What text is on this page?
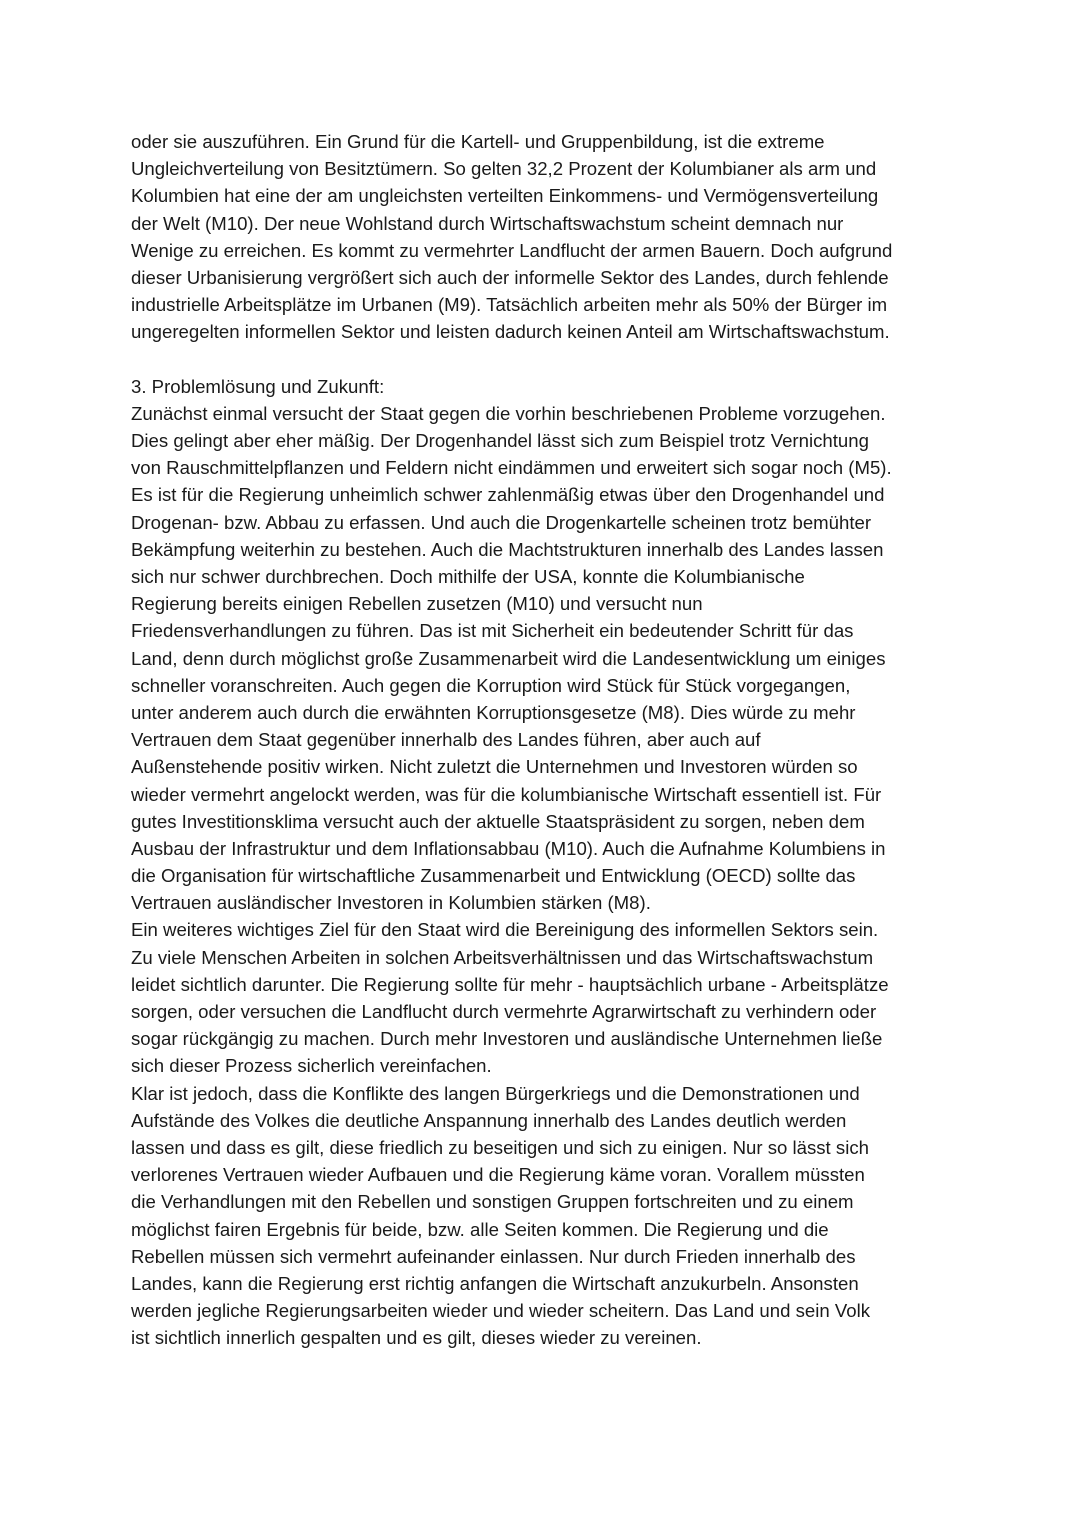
oder sie auszuführen. Ein Grund für die Kartell- und Gruppenbildung, ist die extreme
Ungleichverteilung von Besitztümern. So gelten 32,2 Prozent der Kolumbianer als arm und
Kolumbien hat eine der am ungleichsten verteilten Einkommens- und Vermögensverteilung
der Welt (M10). Der neue Wohlstand durch Wirtschaftswachstum scheint demnach nur
Wenige zu erreichen. Es kommt zu vermehrter Landflucht der armen Bauern. Doch aufgrund
dieser Urbanisierung vergrößert sich auch der informelle Sektor des Landes, durch fehlende
industrielle Arbeitsplätze im Urbanen (M9). Tatsächlich arbeiten mehr als 50% der Bürger im
ungeregelten informellen Sektor und leisten dadurch keinen Anteil am Wirtschaftswachstum.
3. Problemlösung und Zukunft:
Zunächst einmal versucht der Staat gegen die vorhin beschriebenen Probleme vorzugehen.
Dies gelingt aber eher mäßig. Der Drogenhandel lässt sich zum Beispiel trotz Vernichtung
von Rauschmittelpflanzen und Feldern nicht eindämmen und erweitert sich sogar noch (M5).
Es ist für die Regierung unheimlich schwer zahlenmäßig etwas über den Drogenhandel und
Drogenan- bzw. Abbau zu erfassen. Und auch die Drogenkartelle scheinen trotz bemühter
Bekämpfung weiterhin zu bestehen. Auch die Machtstrukturen innerhalb des Landes lassen
sich nur schwer durchbrechen. Doch mithilfe der USA, konnte die Kolumbianische
Regierung bereits einigen Rebellen zusetzen (M10) und versucht nun
Friedensverhandlungen zu führen. Das ist mit Sicherheit ein bedeutender Schritt für das
Land, denn durch möglichst große Zusammenarbeit wird die Landesentwicklung um einiges
schneller voranschreiten. Auch gegen die Korruption wird Stück für Stück vorgegangen,
unter anderem auch durch die erwähnten Korruptionsgesetze (M8). Dies würde zu mehr
Vertrauen dem Staat gegenüber innerhalb des Landes führen, aber auch auf
Außenstehende positiv wirken. Nicht zuletzt die Unternehmen und Investoren würden so
wieder vermehrt angelockt werden, was für die kolumbianische Wirtschaft essentiell ist. Für
gutes Investitionsklima versucht auch der aktuelle Staatspräsident zu sorgen, neben dem
Ausbau der Infrastruktur und dem Inflationsabbau (M10). Auch die Aufnahme Kolumbiens in
die Organisation für wirtschaftliche Zusammenarbeit und Entwicklung (OECD) sollte das
Vertrauen ausländischer Investoren in Kolumbien stärken (M8).
Ein weiteres wichtiges Ziel für den Staat wird die Bereinigung des informellen Sektors sein.
Zu viele Menschen Arbeiten in solchen Arbeitsverhältnissen und das Wirtschaftswachstum
leidet sichtlich darunter. Die Regierung sollte für mehr - hauptsächlich urbane - Arbeitsplätze
sorgen, oder versuchen die Landflucht durch vermehrte Agrarwirtschaft zu verhindern oder
sogar rückgängig zu machen. Durch mehr Investoren und ausländische Unternehmen ließe
sich dieser Prozess sicherlich vereinfachen.
Klar ist jedoch, dass die Konflikte des langen Bürgerkriegs und die Demonstrationen und
Aufstände des Volkes die deutliche Anspannung innerhalb des Landes deutlich werden
lassen und dass es gilt, diese friedlich zu beseitigen und sich zu einigen. Nur so lässt sich
verlorenes Vertrauen wieder Aufbauen und die Regierung käme voran. Vorallem müssten
die Verhandlungen mit den Rebellen und sonstigen Gruppen fortschreiten und zu einem
möglichst fairen Ergebnis für beide, bzw. alle Seiten kommen. Die Regierung und die
Rebellen müssen sich vermehrt aufeinander einlassen. Nur durch Frieden innerhalb des
Landes, kann die Regierung erst richtig anfangen die Wirtschaft anzukurbeln. Ansonsten
werden jegliche Regierungsarbeiten wieder und wieder scheitern. Das Land und sein Volk
ist sichtlich innerlich gespalten und es gilt, dieses wieder zu vereinen.
